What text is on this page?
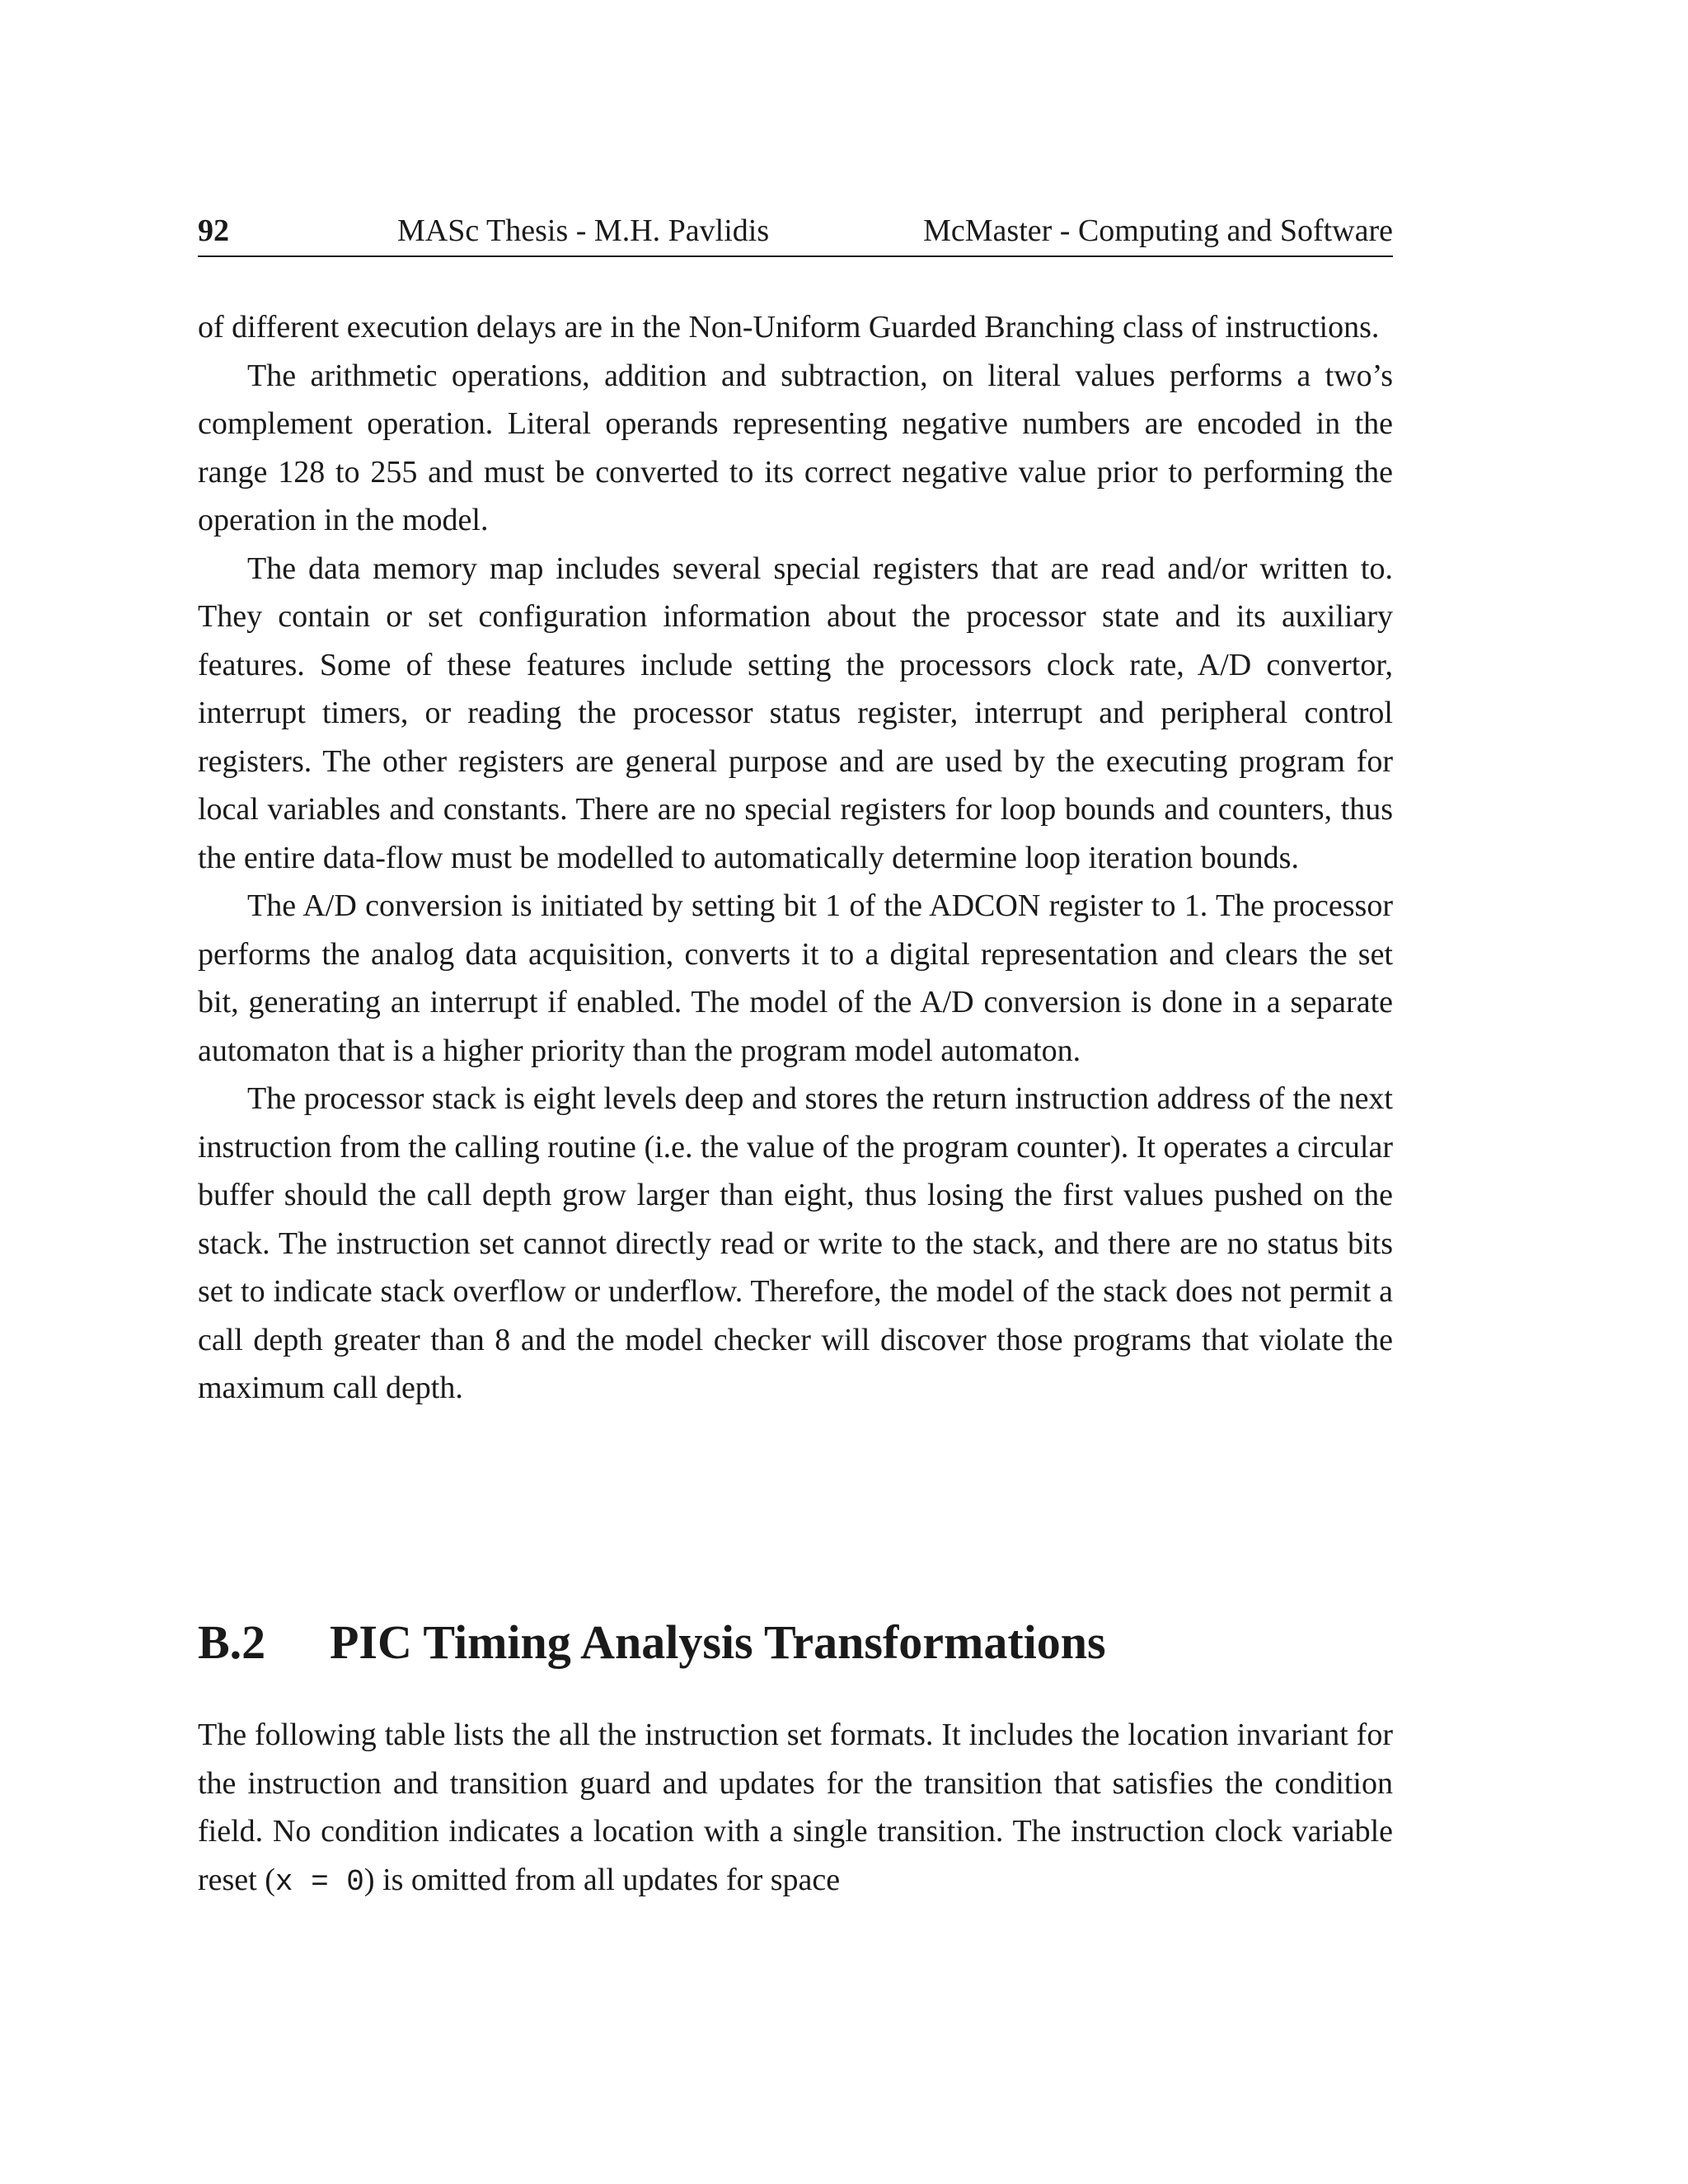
92	MASc Thesis - M.H. Pavlidis	McMaster - Computing and Software

of different execution delays are in the Non-Uniform Guarded Branching class of instructions.

The arithmetic operations, addition and subtraction, on literal values performs a two’s complement operation. Literal operands representing negative numbers are encoded in the range 128 to 255 and must be converted to its correct negative value prior to performing the operation in the model.

The data memory map includes several special registers that are read and/or written to. They contain or set configuration information about the processor state and its auxiliary features. Some of these features include setting the processors clock rate, A/D convertor, interrupt timers, or reading the processor status register, interrupt and peripheral control registers. The other registers are general purpose and are used by the executing program for local variables and constants. There are no special registers for loop bounds and counters, thus the entire data-flow must be modelled to automatically determine loop iteration bounds.

The A/D conversion is initiated by setting bit 1 of the ADCON register to 1. The processor performs the analog data acquisition, converts it to a digital representation and clears the set bit, generating an interrupt if enabled. The model of the A/D conversion is done in a separate automaton that is a higher priority than the program model automaton.

The processor stack is eight levels deep and stores the return instruction address of the next instruction from the calling routine (i.e. the value of the program counter). It operates a circular buffer should the call depth grow larger than eight, thus losing the first values pushed on the stack. The instruction set cannot directly read or write to the stack, and there are no status bits set to indicate stack overflow or underflow. Therefore, the model of the stack does not permit a call depth greater than 8 and the model checker will discover those programs that violate the maximum call depth.

B.2 PIC Timing Analysis Transformations

The following table lists the all the instruction set formats. It includes the location invariant for the instruction and transition guard and updates for the transition that satisfies the condition field. No condition indicates a location with a single transition. The instruction clock variable reset (x = 0) is omitted from all updates for space
